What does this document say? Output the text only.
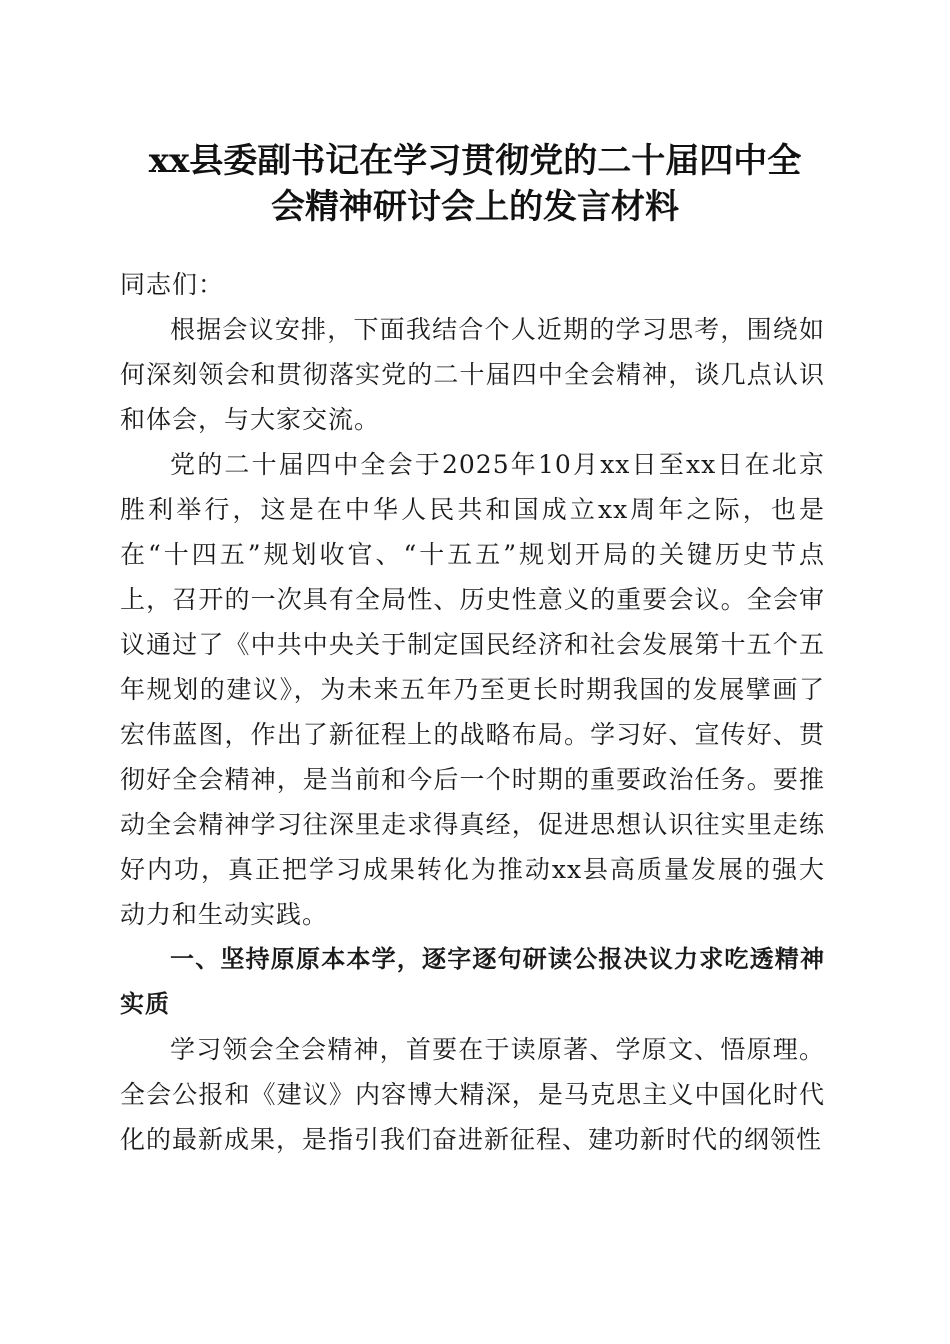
xx县委副书记在学习贯彻党的二十届四中全
会精神研讨会上的发言材料

同志们：

根据会议安排，下面我结合个人近期的学习思考，围绕如何深刻领会和贯彻落实党的二十届四中全会精神，谈几点认识和体会，与大家交流。

党的二十届四中全会于2025年10月xx日至xx日在北京胜利举行，这是在中华人民共和国成立xx周年之际，也是在“十四五”规划收官、“十五五”规划开局的关键历史节点上，召开的一次具有全局性、历史性意义的重要会议。全会审议通过了《中共中央关于制定国民经济和社会发展第十五个五年规划的建议》，为未来五年乃至更长时期我国的发展擘画了宏伟蓝图，作出了新征程上的战略布局。学习好、宣传好、贯彻好全会精神，是当前和今后一个时期的重要政治任务。要推动全会精神学习往深里走求得真经，促进思想认识往实里走练好内功，真正把学习成果转化为推动xx县高质量发展的强大动力和生动实践。

一、坚持原原本本学，逐字逐句研读公报决议力求吃透精神实质

学习领会全会精神，首要在于读原著、学原文、悟原理。全会公报和《建议》内容博大精深，是马克思主义中国化时代化的最新成果，是指引我们奋进新征程、建功新时代的纲领性
